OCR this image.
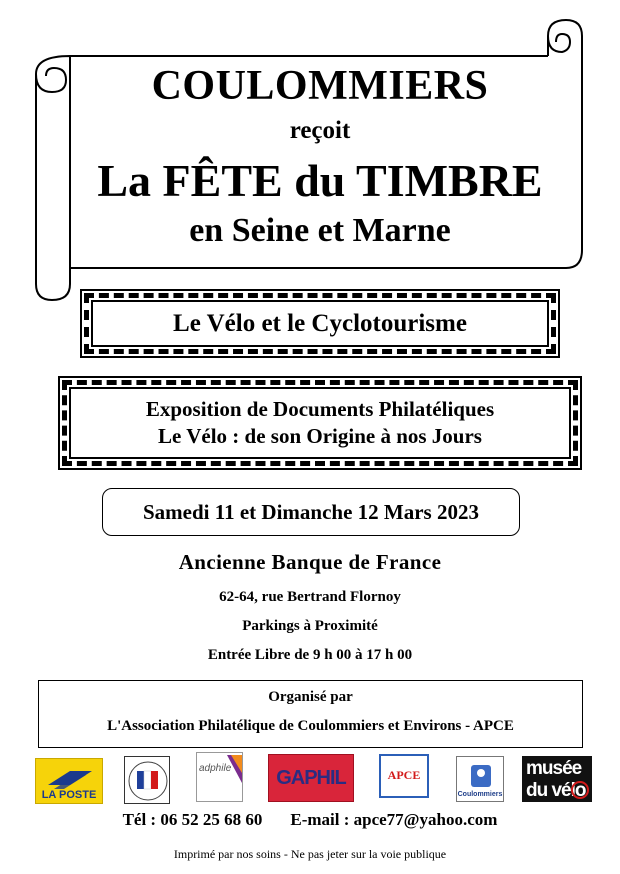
COULOMMIERS
reçoit
La FÊTE du TIMBRE
en Seine et Marne
Le Vélo et le Cyclotourisme
Exposition de Documents Philatéliques
Le Vélo : de son Origine à nos Jours
Samedi 11 et Dimanche 12 Mars 2023
Ancienne Banque de France
62-64, rue Bertrand Flornoy
Parkings à Proximité
Entrée Libre de 9 h 00 à 17 h 00
Organisé par
L'Association Philatélique de Coulommiers et Environs - APCE
LA POSTE
adphile	GAPHIL	APCE
Coulommiers
musée du vélo
Tél : 06 52 25 68 60 E-mail : apce77@yahoo.com
Imprimé par nos soins - Ne pas jeter sur la voie publique
